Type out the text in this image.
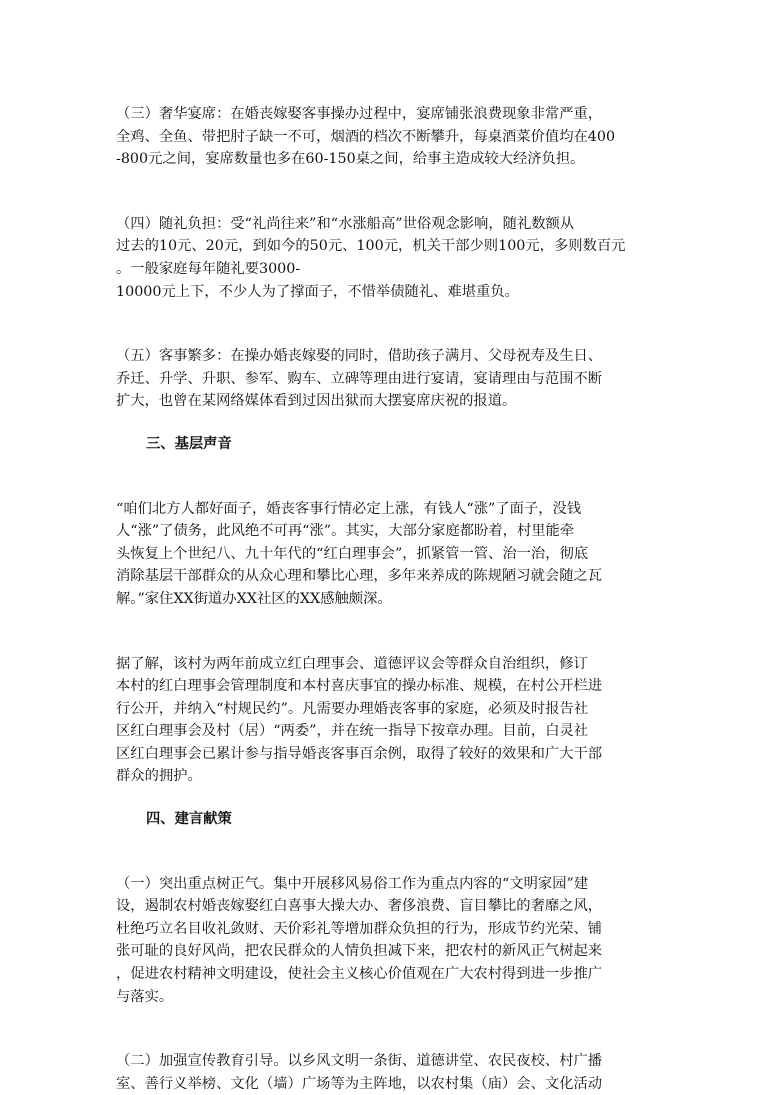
（三）奢华宴席：在婚丧嫁娶客事操办过程中，宴席铺张浪费现象非常严重，
全鸡、全鱼、带把肘子缺一不可，烟酒的档次不断攀升，每桌酒菜价值均在400
-800元之间，宴席数量也多在60-150桌之间，给事主造成较大经济负担。

（四）随礼负担：受“礼尚往来”和“水涨船高”世俗观念影响，随礼数额从
过去的10元、20元，到如今的50元、100元，机关干部少则100元，多则数百元
。一般家庭每年随礼要3000-
10000元上下，不少人为了撑面子，不惜举债随礼、难堪重负。

（五）客事繁多：在操办婚丧嫁娶的同时，借助孩子满月、父母祝寿及生日、
乔迁、升学、升职、参军、购车、立碑等理由进行宴请，宴请理由与范围不断
扩大，也曾在某网络媒体看到过因出狱而大摆宴席庆祝的报道。

三、基层声音

“咱们北方人都好面子，婚丧客事行情必定上涨，有钱人“涨”了面子，没钱
人“涨”了债务，此风绝不可再“涨”。其实，大部分家庭都盼着，村里能牵
头恢复上个世纪八、九十年代的“红白理事会”，抓紧管一管、治一治，彻底
消除基层干部群众的从众心理和攀比心理，多年来养成的陈规陋习就会随之瓦
解。”家住XX街道办XX社区的XX感触颇深。

据了解，该村为两年前成立红白理事会、道德评议会等群众自治组织，修订
本村的红白理事会管理制度和本村喜庆事宜的操办标准、规模，在村公开栏进
行公开，并纳入“村规民约”。凡需要办理婚丧客事的家庭，必须及时报告社
区红白理事会及村（居）“两委”，并在统一指导下按章办理。目前，白灵社
区红白理事会已累计参与指导婚丧客事百余例，取得了较好的效果和广大干部
群众的拥护。

四、建言献策

（一）突出重点树正气。集中开展移风易俗工作为重点内容的“文明家园”建
设，遏制农村婚丧嫁娶红白喜事大操大办、奢侈浪费、盲目攀比的奢靡之风，
杜绝巧立名目收礼敛财、天价彩礼等增加群众负担的行为，形成节约光荣、铺
张可耻的良好风尚，把农民群众的人情负担减下来，把农村的新风正气树起来
，促进农村精神文明建设，使社会主义核心价值观在广大农村得到进一步推广
与落实。

（二）加强宣传教育引导。以乡风文明一条街、道德讲堂、农民夜校、村广播
室、善行义举榜、文化（墙）广场等为主阵地，以农村集（庙）会、文化活动
